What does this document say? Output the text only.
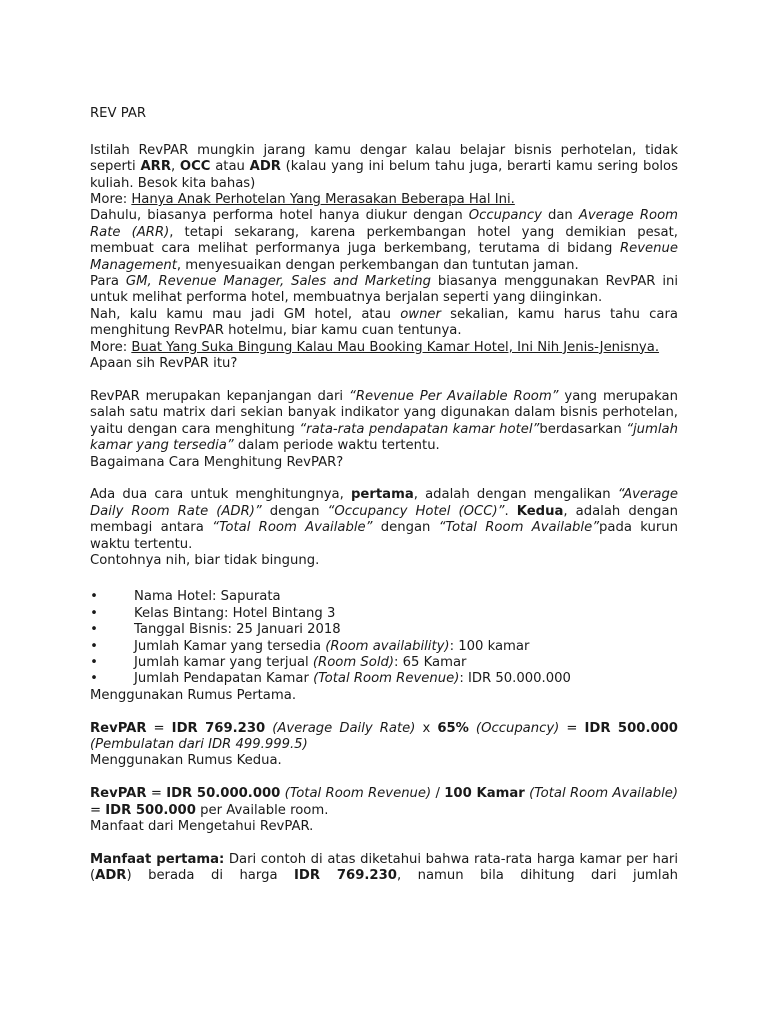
REV PAR

Istilah RevPAR mungkin jarang kamu dengar kalau belajar bisnis perhotelan, tidak seperti ARR, OCC atau ADR (kalau yang ini belum tahu juga, berarti kamu sering bolos kuliah. Besok kita bahas)

More: Hanya Anak Perhotelan Yang Merasakan Beberapa Hal Ini.

Dahulu, biasanya performa hotel hanya diukur dengan Occupancy dan Average Room Rate (ARR), tetapi sekarang, karena perkembangan hotel yang demikian pesat, membuat cara melihat performanya juga berkembang, terutama di bidang Revenue Management, menyesuaikan dengan perkembangan dan tuntutan jaman.

Para GM, Revenue Manager, Sales and Marketing biasanya menggunakan RevPAR ini untuk melihat performa hotel, membuatnya berjalan seperti yang diinginkan.

Nah, kalu kamu mau jadi GM hotel, atau owner sekalian, kamu harus tahu cara menghitung RevPAR hotelmu, biar kamu cuan tentunya.

More: Buat Yang Suka Bingung Kalau Mau Booking Kamar Hotel, Ini Nih Jenis-Jenisnya.

Apaan sih RevPAR itu?

RevPAR merupakan kepanjangan dari “Revenue Per Available Room” yang merupakan salah satu matrix dari sekian banyak indikator yang digunakan dalam bisnis perhotelan, yaitu dengan cara menghitung “rata-rata pendapatan kamar hotel”berdasarkan “jumlah kamar yang tersedia” dalam periode waktu tertentu.

Bagaimana Cara Menghitung RevPAR?

Ada dua cara untuk menghitungnya, pertama, adalah dengan mengalikan “Average Daily Room Rate (ADR)” dengan “Occupancy Hotel (OCC)”. Kedua, adalah dengan membagi antara “Total Room Available” dengan “Total Room Available”pada kurun waktu tertentu.

Contohnya nih, biar tidak bingung.

•	Nama Hotel: Sapurata
•	Kelas Bintang: Hotel Bintang 3
•	Tanggal Bisnis: 25 Januari 2018
•	Jumlah Kamar yang tersedia (Room availability): 100 kamar
•	Jumlah kamar yang terjual (Room Sold): 65 Kamar
•	Jumlah Pendapatan Kamar (Total Room Revenue): IDR 50.000.000

Menggunakan Rumus Pertama.

RevPAR = IDR 769.230 (Average Daily Rate) x 65% (Occupancy) = IDR 500.000 (Pembulatan dari IDR 499.999.5)

Menggunakan Rumus Kedua.

RevPAR = IDR 50.000.000 (Total Room Revenue) / 100 Kamar (Total Room Available) = IDR 500.000 per Available room.

Manfaat dari Mengetahui RevPAR.

Manfaat pertama: Dari contoh di atas diketahui bahwa rata-rata harga kamar per hari (ADR) berada di harga IDR 769.230, namun bila dihitung dari jumlah
